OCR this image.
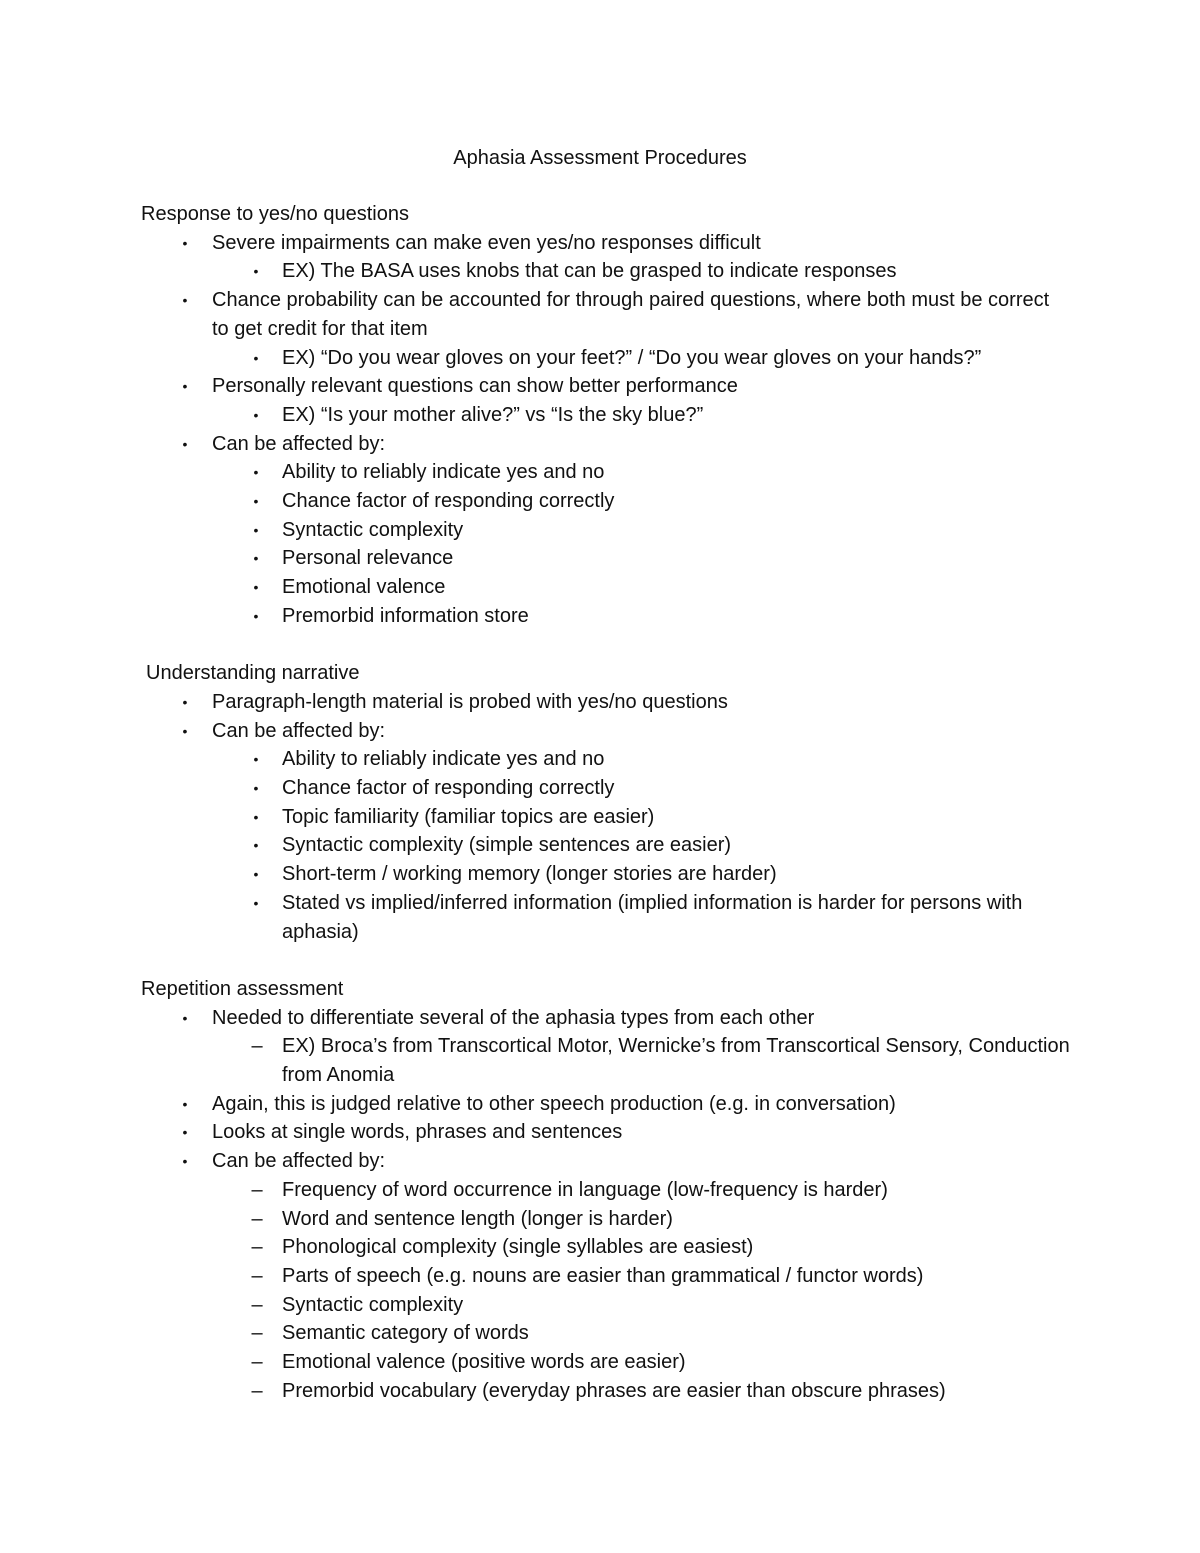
Aphasia Assessment Procedures
Response to yes/no questions
•	Severe impairments can make even yes/no responses difficult
•	EX) The BASA uses knobs that can be grasped to indicate responses
•	Chance probability can be accounted for through paired questions, where both must be correct to get credit for that item
•	EX) “Do you wear gloves on your feet?” / “Do you wear gloves on your hands?”
•	Personally relevant questions can show better performance
•	EX) “Is your mother alive?” vs “Is the sky blue?”
•	Can be affected by:
•	Ability to reliably indicate yes and no
•	Chance factor of responding correctly
•	Syntactic complexity
•	Personal relevance
•	Emotional valence
•	Premorbid information store
Understanding narrative
•	Paragraph-length material is probed with yes/no questions
•	Can be affected by:
•	Ability to reliably indicate yes and no
•	Chance factor of responding correctly
•	Topic familiarity (familiar topics are easier)
•	Syntactic complexity (simple sentences are easier)
•	Short-term / working memory (longer stories are harder)
•	Stated vs implied/inferred information (implied information is harder for persons with aphasia)
Repetition assessment
•	Needed to differentiate several of the aphasia types from each other
– EX) Broca’s from Transcortical Motor, Wernicke’s from Transcortical Sensory, Conduction from Anomia
•	Again, this is judged relative to other speech production (e.g. in conversation)
•	Looks at single words, phrases and sentences
•	Can be affected by:
– Frequency of word occurrence in language (low-frequency is harder)
– Word and sentence length (longer is harder)
– Phonological complexity (single syllables are easiest)
– Parts of speech (e.g. nouns are easier than grammatical / functor words)
– Syntactic complexity
– Semantic category of words
– Emotional valence (positive words are easier)
– Premorbid vocabulary (everyday phrases are easier than obscure phrases)
